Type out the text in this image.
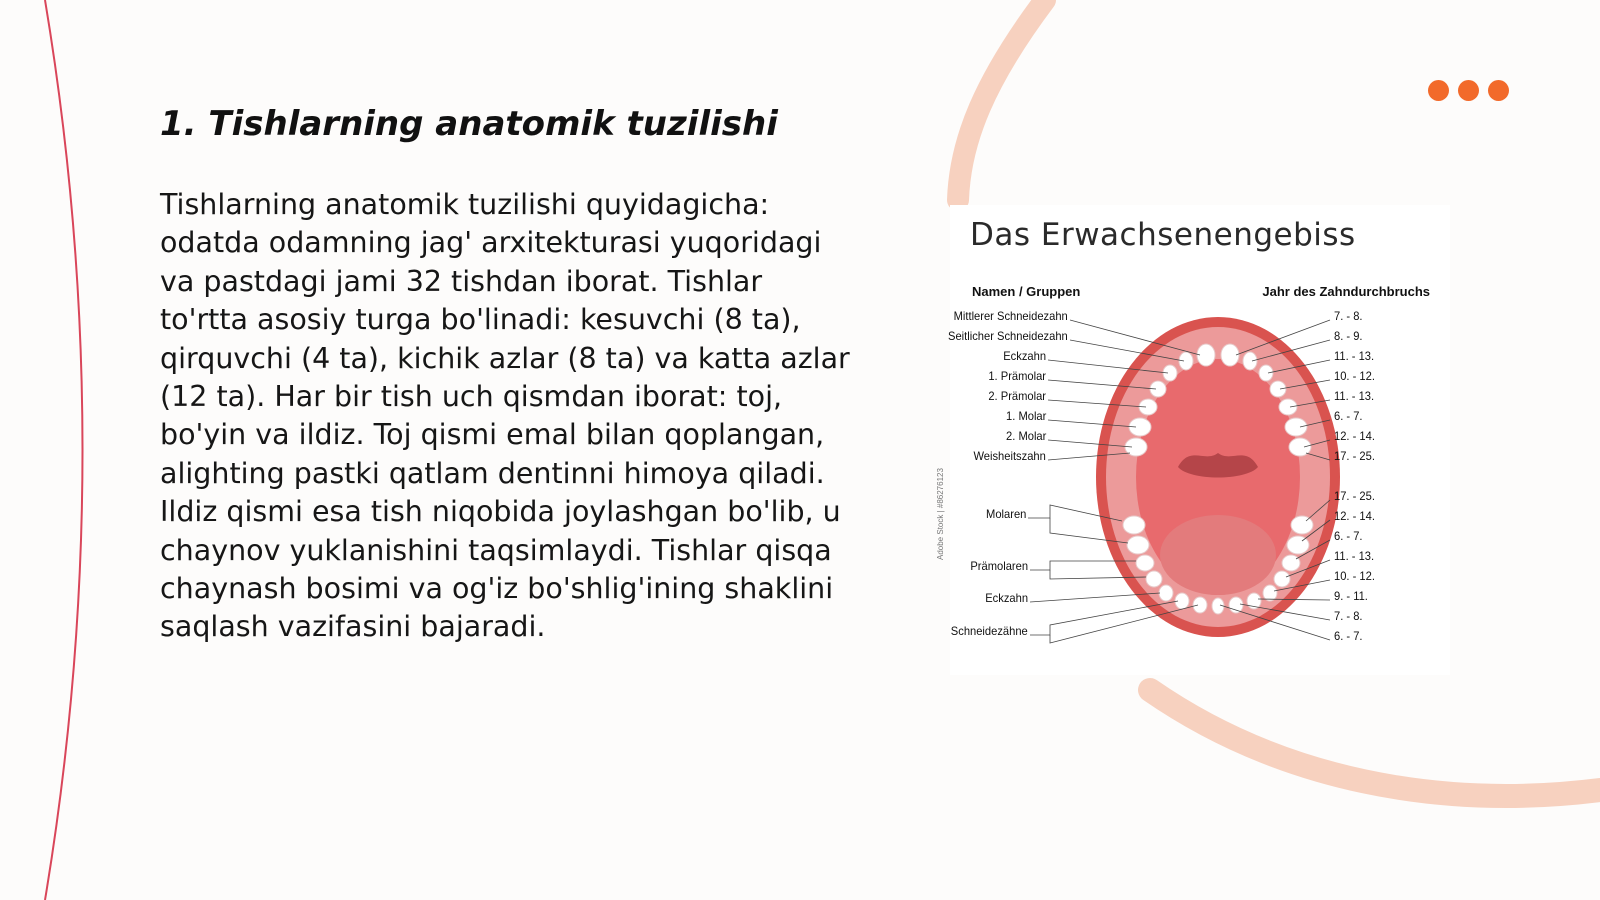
1. Tishlarning anatomik tuzilishi

Tishlarning anatomik tuzilishi quyidagicha: odatda odamning jag' arxitekturasi yuqoridagi va pastdagi jami 32 tishdan iborat. Tishlar to'rtta asosiy turga bo'linadi: kesuvchi (8 ta), qirquvchi (4 ta), kichik azlar (8 ta) va katta azlar (12 ta). Har bir tish uch qismdan iborat: toj, bo'yin va ildiz. Toj qismi emal bilan qoplangan, alighting pastki qatlam dentinni himoya qiladi. Ildiz qismi esa tish niqobida joylashgan bo'lib, u chaynov yuklanishini taqsimlaydi. Tishlar qisqa chaynash bosimi va og'iz bo'shlig'ining shaklini saqlash vazifasini bajaradi.

Das Erwachsenengebiss
Namen / Gruppen	Jahr des Zahndurchbruchs
Mittlerer Schneidezahn
Seitlicher Schneidezahn
Eckzahn
1. Prämolar
2. Prämolar
1. Molar
2. Molar
Weisheitszahn
Molaren
Prämolaren
Eckzahn
Schneidezähne
7. - 8.
8. - 9.
11. - 13.
10. - 12.
11. - 13.
6. - 7.
12. - 14.
17. - 25.
17. - 25.
12. - 14.
6. - 7.
11. - 13.
10. - 12.
9. - 11.
7. - 8.
6. - 7.
Adobe Stock | #86276123
